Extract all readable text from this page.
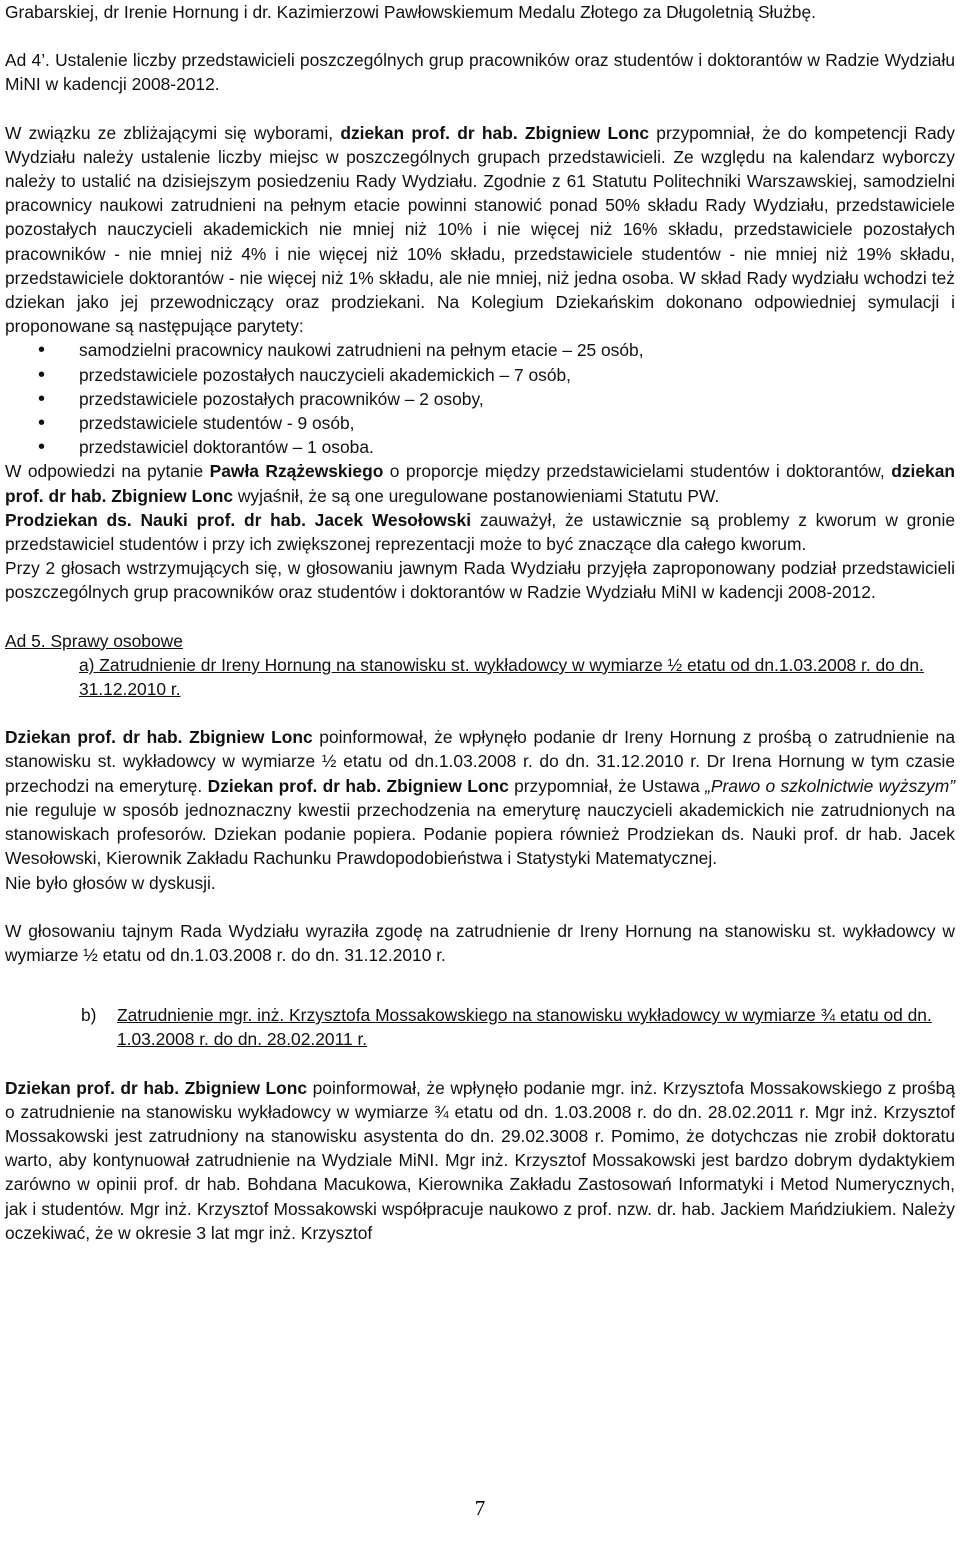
Grabarskiej, dr Irenie Hornung i dr. Kazimierzowi Pawłowskiemum Medalu Złotego za Długoletnią Służbę.

Ad 4’. Ustalenie liczby przedstawicieli poszczególnych grup pracowników oraz studentów i doktorantów w Radzie Wydziału MiNI w kadencji 2008-2012.

W związku ze zbliżającymi się wyborami, dziekan prof. dr hab. Zbigniew Lonc przypomniał, że do kompetencji Rady Wydziału należy ustalenie liczby miejsc w poszczególnych grupach przedstawicieli. Ze względu na kalendarz wyborczy należy to ustalić na dzisiejszym posiedzeniu Rady Wydziału. Zgodnie z 61 Statutu Politechniki Warszawskiej, samodzielni pracownicy naukowi zatrudnieni na pełnym etacie powinni stanowić ponad 50% składu Rady Wydziału, przedstawiciele pozostałych nauczycieli akademickich nie mniej niż 10% i nie więcej niż 16% składu, przedstawiciele pozostałych pracowników - nie mniej niż 4% i nie więcej niż 10% składu, przedstawiciele studentów - nie mniej niż 19% składu, przedstawiciele doktorantów - nie więcej niż 1% składu, ale nie mniej, niż jedna osoba. W skład Rady wydziału wchodzi też dziekan jako jej przewodniczący oraz prodziekani. Na Kolegium Dziekańskim dokonano odpowiedniej symulacji i proponowane są następujące parytety:

• samodzielni pracownicy naukowi zatrudnieni na pełnym etacie – 25 osób,
• przedstawiciele pozostałych nauczycieli akademickich – 7 osób,
• przedstawiciele pozostałych pracowników – 2 osoby,
• przedstawiciele studentów - 9 osób,
• przedstawiciel doktorantów – 1 osoba.

W odpowiedzi na pytanie Pawła Rzążewskiego o proporcje między przedstawicielami studentów i doktorantów, dziekan prof. dr hab. Zbigniew Lonc wyjaśnił, że są one uregulowane postanowieniami Statutu PW.

Prodziekan ds. Nauki prof. dr hab. Jacek Wesołowski zauważył, że ustawicznie są problemy z kworum w gronie przedstawiciel studentów i przy ich zwiększonej reprezentacji może to być znaczące dla całego kworum.

Przy 2 głosach wstrzymujących się, w głosowaniu jawnym Rada Wydziału przyjęła zaproponowany podział przedstawicieli poszczególnych grup pracowników oraz studentów i doktorantów w Radzie Wydziału MiNI w kadencji 2008-2012.

Ad 5. Sprawy osobowe

a) Zatrudnienie dr Ireny Hornung na stanowisku st. wykładowcy w wymiarze ½ etatu od dn.1.03.2008 r. do dn. 31.12.2010 r.

Dziekan prof. dr hab. Zbigniew Lonc poinformował, że wpłynęło podanie dr Ireny Hornung z prośbą o zatrudnienie na stanowisku st. wykładowcy w wymiarze ½ etatu od dn.1.03.2008 r. do dn. 31.12.2010 r. Dr Irena Hornung w tym czasie przechodzi na emeryturę. Dziekan prof. dr hab. Zbigniew Lonc przypomniał, że Ustawa „Prawo o szkolnictwie wyższym” nie reguluje w sposób jednoznaczny kwestii przechodzenia na emeryturę nauczycieli akademickich nie zatrudnionych na stanowiskach profesorów. Dziekan podanie popiera. Podanie popiera również Prodziekan ds. Nauki prof. dr hab. Jacek Wesołowski, Kierownik Zakładu Rachunku Prawdopodobieństwa i Statystyki Matematycznej.

Nie było głosów w dyskusji.

W głosowaniu tajnym Rada Wydziału wyraziła zgodę na zatrudnienie dr Ireny Hornung na stanowisku st. wykładowcy w wymiarze ½ etatu od dn.1.03.2008 r. do dn. 31.12.2010 r.

b)	Zatrudnienie mgr. inż. Krzysztofa Mossakowskiego na stanowisku wykładowcy w wymiarze ¾ etatu od dn. 1.03.2008 r. do dn. 28.02.2011 r.

Dziekan prof. dr hab. Zbigniew Lonc poinformował, że wpłynęło podanie mgr. inż. Krzysztofa Mossakowskiego z prośbą o zatrudnienie na stanowisku wykładowcy w wymiarze ¾ etatu od dn. 1.03.2008 r. do dn. 28.02.2011 r. Mgr inż. Krzysztof Mossakowski jest zatrudniony na stanowisku asystenta do dn. 29.02.3008 r. Pomimo, że dotychczas nie zrobił doktoratu warto, aby kontynuował zatrudnienie na Wydziale MiNI. Mgr inż. Krzysztof Mossakowski jest bardzo dobrym dydaktykiem zarówno w opinii prof. dr hab. Bohdana Macukowa, Kierownika Zakładu Zastosowań Informatyki i Metod Numerycznych, jak i studentów. Mgr inż. Krzysztof Mossakowski współpracuje naukowo z prof. nzw. dr. hab. Jackiem Mańdziukiem. Należy oczekiwać, że w okresie 3 lat mgr inż. Krzysztof

7
